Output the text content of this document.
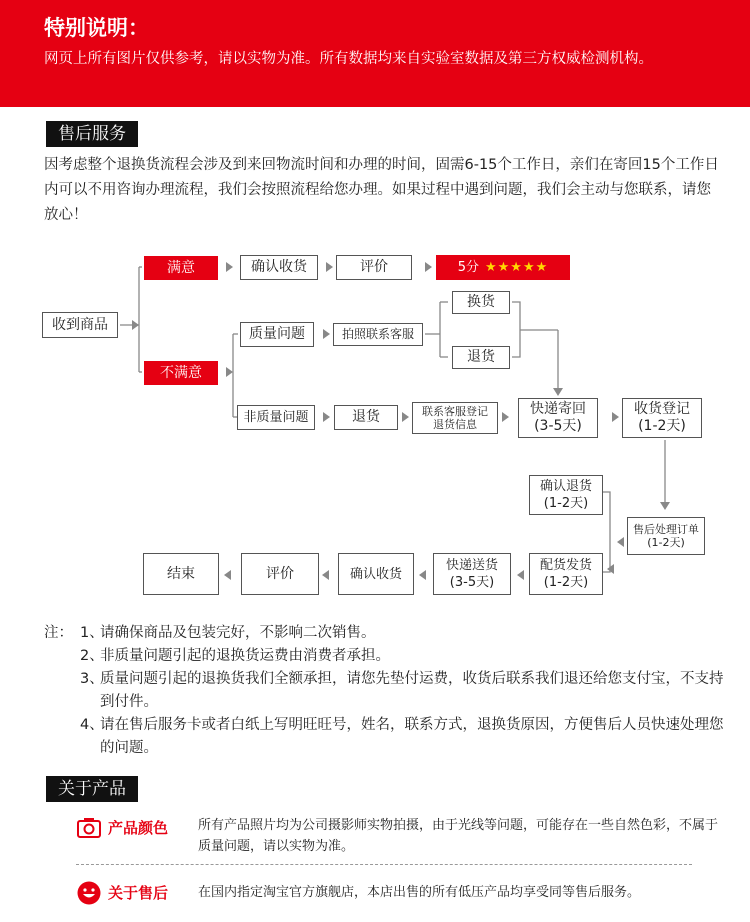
特别说明：
网页上所有图片仅供参考，请以实物为准。所有数据均来自实验室数据及第三方权威检测机构。
售后服务
因考虑整个退换货流程会涉及到来回物流时间和办理的时间，固需6-15个工作日，亲们在寄回15个工作日内可以不用咨询办理流程，我们会按照流程给您办理。如果过程中遇到问题，我们会主动与您联系，请您放心！
收到商品
满意	确认收货	评价	5分 ★★★★★
不满意
质量问题	拍照联系客服
换货
退货
非质量问题	退货	联系客服登记退货信息
快递寄回
(3-5天)
收货登记
(1-2天)
确认退货
(1-2天)
售后处理订单
(1-2天)
配货发货
(1-2天)
快递送货
(3-5天)
确认收货
评价
结束
注： 1、
请确保商品及包装完好，不影响二次销售。
2、
非质量问题引起的退换货运费由消费者承担。
3、
质量问题引起的退换货我们全额承担，请您先垫付运费，收货后联系我们退还给您支付宝，不支持到付件。
4、
请在售后服务卡或者白纸上写明旺旺号，姓名，联系方式，退换货原因，方便售后人员快速处理您的问题。
关于产品
产品颜色	所有产品照片均为公司摄影师实物拍摄，由于光线等问题，可能存在一些自然色彩，不属于质量问题，请以实物为准。
关于售后	在国内指定淘宝官方旗舰店，本店出售的所有低压产品均享受同等售后服务。
